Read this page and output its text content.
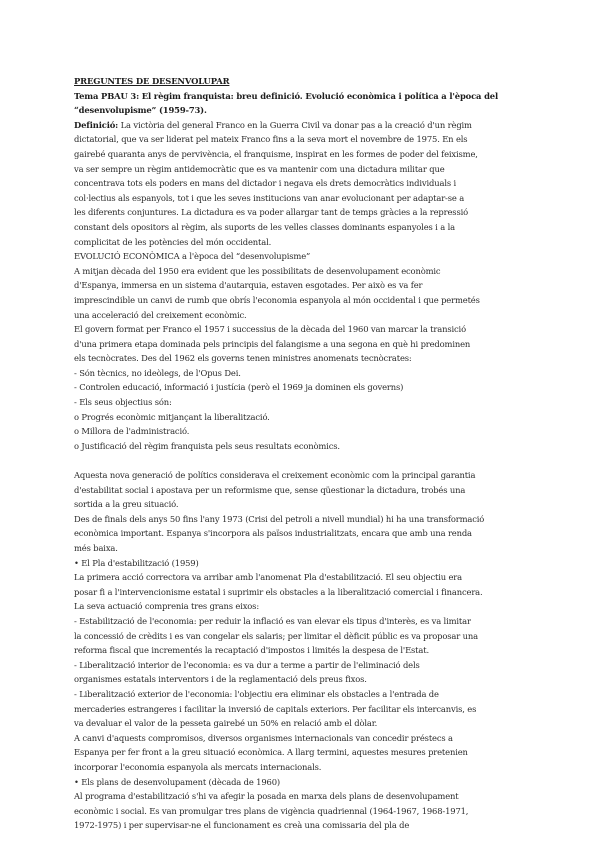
PREGUNTES DE DESENVOLUPAR
Tema PBAU 3: El règim franquista: breu definició. Evolució econòmica i política a l'època del
“desenvolupisme” (1959-73).
Definició: La victòria del general Franco en la Guerra Civil va donar pas a la creació d'un règim
dictatorial, que va ser liderat pel mateix Franco fins a la seva mort el novembre de 1975. En els
gairebé quaranta anys de pervivència, el franquisme, inspirat en les formes de poder del feixisme,
va ser sempre un règim antidemocràtic que es va mantenir com una dictadura militar que
concentrava tots els poders en mans del dictador i negava els drets democràtics individuals i
col·lectius als espanyols, tot i que les seves institucions van anar evolucionant per adaptar-se a
les diferents conjuntures. La dictadura es va poder allargar tant de temps gràcies a la repressió
constant dels opositors al règim, als suports de les velles classes dominants espanyoles i a la
complicitat de les potències del món occidental.
EVOLUCIÓ ECONÒMICA a l'època del “desenvolupisme”
A mitjan dècada del 1950 era evident que les possibilitats de desenvolupament econòmic
d'Espanya, immersa en un sistema d'autarquia, estaven esgotades. Per això es va fer
imprescindible un canvi de rumb que obrís l'economia espanyola al món occidental i que permetés
una acceleració del creixement econòmic.
El govern format per Franco el 1957 i successius de la dècada del 1960 van marcar la transició
d'una primera etapa dominada pels principis del falangisme a una segona en què hi predominen
els tecnòcrates. Des del 1962 els governs tenen ministres anomenats tecnòcrates:
- Són tècnics, no ideòlegs, de l'Opus Dei.
- Controlen educació, informació i justícia (però el 1969 ja dominen els governs)
- Els seus objectius són:
o Progrés econòmic mitjançant la liberalització.
o Millora de l'administració.
o Justificació del règim franquista pels seus resultats econòmics.
Aquesta nova generació de polítics considerava el creixement econòmic com la principal garantia
d'estabilitat social i apostava per un reformisme que, sense qüestionar la dictadura, trobés una
sortida a la greu situació.
Des de finals dels anys 50 fins l'any 1973 (Crisi del petroli a nivell mundial) hi ha una transformació
econòmica important. Espanya s'incorpora als països industrialitzats, encara que amb una renda
més baixa.
• El Pla d'estabilització (1959)
La primera acció correctora va arribar amb l'anomenat Pla d'estabilització. El seu objectiu era
posar fi a l'intervencionisme estatal i suprimir els obstacles a la liberalització comercial i financera.
La seva actuació comprenia tres grans eixos:
- Estabilització de l'economia: per reduir la inflació es van elevar els tipus d'interès, es va limitar
la concessió de crèdits i es van congelar els salaris; per limitar el dèficit públic es va proposar una
reforma fiscal que incrementés la recaptació d'impostos i limités la despesa de l'Estat.
- Liberalització interior de l'economia: es va dur a terme a partir de l'eliminació dels
organismes estatals interventors i de la reglamentació dels preus fixos.
- Liberalització exterior de l'economia: l'objectiu era eliminar els obstacles a l'entrada de
mercaderies estrangeres i facilitar la inversió de capitals exteriors. Per facilitar els intercanvis, es
va devaluar el valor de la pesseta gairebé un 50% en relació amb el dòlar.
A canvi d'aquests compromisos, diversos organismes internacionals van concedir préstecs a
Espanya per fer front a la greu situació econòmica. A llarg termini, aquestes mesures pretenien
incorporar l'economia espanyola als mercats internacionals.
• Els plans de desenvolupament (dècada de 1960)
Al programa d'estabilització s'hi va afegir la posada en marxa dels plans de desenvolupament
econòmic i social. Es van promulgar tres plans de vigència quadriennal (1964-1967, 1968-1971,
1972-1975) i per supervisar-ne el funcionament es creà una comissaria del pla de
